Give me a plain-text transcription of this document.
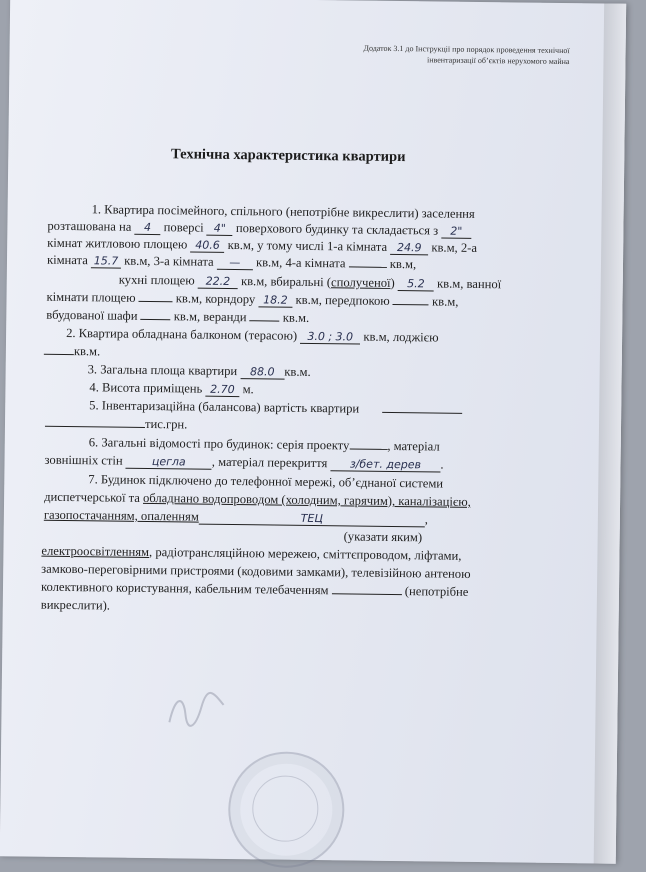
Додаток 3.1 до Інструкції про порядок проведення технічної
інвентаризації об’єктів нерухомого майна
Технічна характеристика квартири
1. Квартира посімейного, спільного (непотрібне викреслити) заселення
розташована на 4 поверсі 4" поверхового будинку та складається з 2"
кімнат житловою площею 40.6 кв.м, у тому числі 1-а кімната 24.9 кв.м, 2-а
кімната 15.7 кв.м, 3-а кімната — кв.м, 4-а кімната	кв.м,
кухні площею 22.2 кв.м, вбиральні (сполученої) 5.2 кв.м, ванної
кімнати площею	кв.м, корндору 18.2 кв.м, передпокою	кв.м,
вбудованої шафи	кв.м, веранди	кв.м.
2. Квартира обладнана балконом (терасою) 3.0 ; 3.0 кв.м, лоджією
кв.м.
3. Загальна площа квартири 88.0 кв.м.
4. Висота приміщень 2.70 м.
5. Інвентаризаційна (балансова) вартість квартири
тис.грн.
6. Загальні відомості про будинок: серія проекту	, матеріал
зовнішніх стін	цегла , матеріал перекриття з/бет. дерев .
7. Будинок підключено до телефонної мережі, об’єднаної системи
диспетчерської та обладнано водопроводом (холодним, гарячим), каналізацією,
газопостачанням, опаленням	ТЕЦ	,
(указати яким)
електроосвітленням, радіотрансляційною мережею, сміттєпроводом, ліфтами,
замково-переговірними пристроями (кодовими замками), телевізійною антеною
колективного користування, кабельним телебаченням	(непотрібне
викреслити).
